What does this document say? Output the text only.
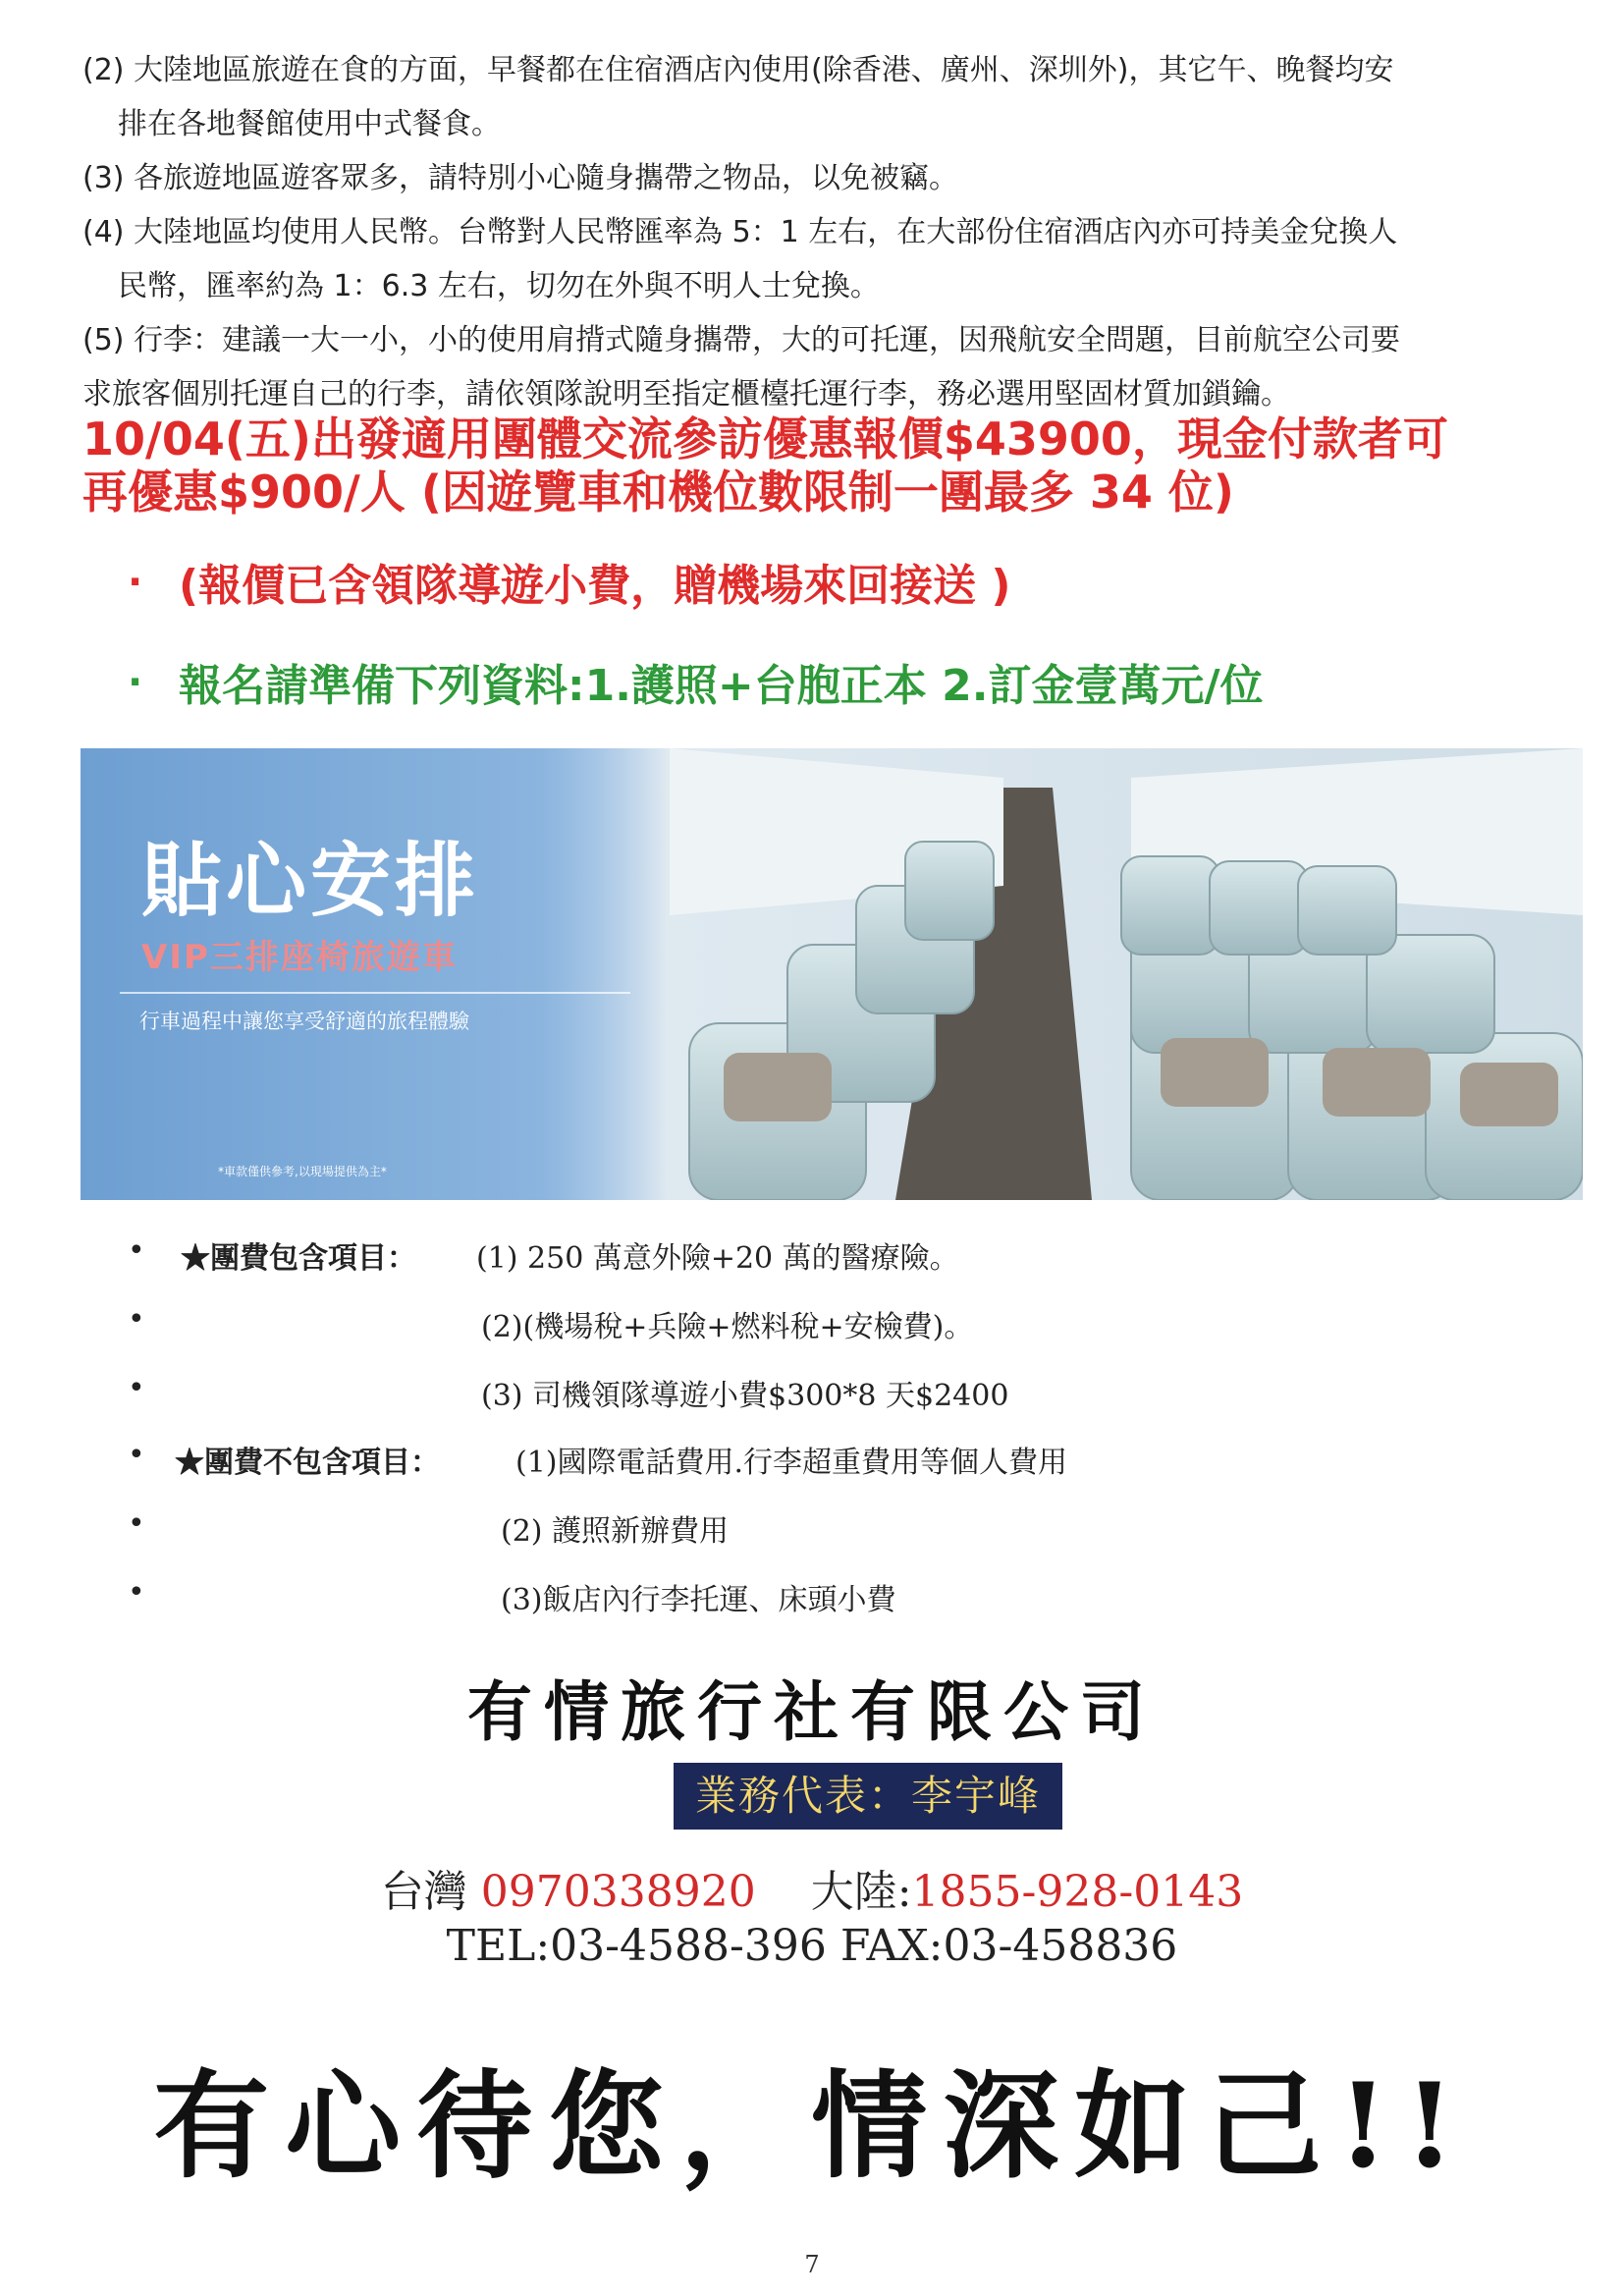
(2) 大陸地區旅遊在食的方面，早餐都在住宿酒店內使用(除香港、廣州、深圳外)，其它午、晚餐均安

排在各地餐館使用中式餐食。

(3) 各旅遊地區遊客眾多，請特別小心隨身攜帶之物品，以免被竊。

(4) 大陸地區均使用人民幣。台幣對人民幣匯率為 5：1 左右，在大部份住宿酒店內亦可持美金兌換人

民幣，匯率約為 1：6.3 左右，切勿在外與不明人士兌換。

(5) 行李：建議一大一小，小的使用肩揹式隨身攜帶，大的可托運，因飛航安全問題，目前航空公司要

求旅客個別托運自己的行李，請依領隊說明至指定櫃檯托運行李，務必選用堅固材質加鎖鑰。

10/04(五)出發適用團體交流參訪優惠報價$43900，現金付款者可
再優惠$900/人 (因遊覽車和機位數限制一團最多 34 位)
. (報價已含領隊導遊小費，贈機場來回接送 )
. 報名請準備下列資料:1.護照+台胞正本 2.訂金壹萬元/位
貼心安排
VIP三排座椅旅遊車
行車過程中讓您享受舒適的旅程體驗
*車款僅供參考,以現場提供為主*
• ★團費包含項目： (1) 250 萬意外險+20 萬的醫療險。
•	(2)(機場稅+兵險+燃料稅+安檢費)。
•	(3) 司機領隊導遊小費$300*8 天$2400
• ★團費不包含項目：	(1)國際電話費用.行李超重費用等個人費用
•	(2) 護照新辦費用
•	(3)飯店內行李托運、床頭小費
有情旅行社有限公司
業務代表：李宇峰
台灣 0970338920 大陸:1855-928-0143
TEL:03-4588-396 FAX:03-458836
有心待您，情深如己!!
7
